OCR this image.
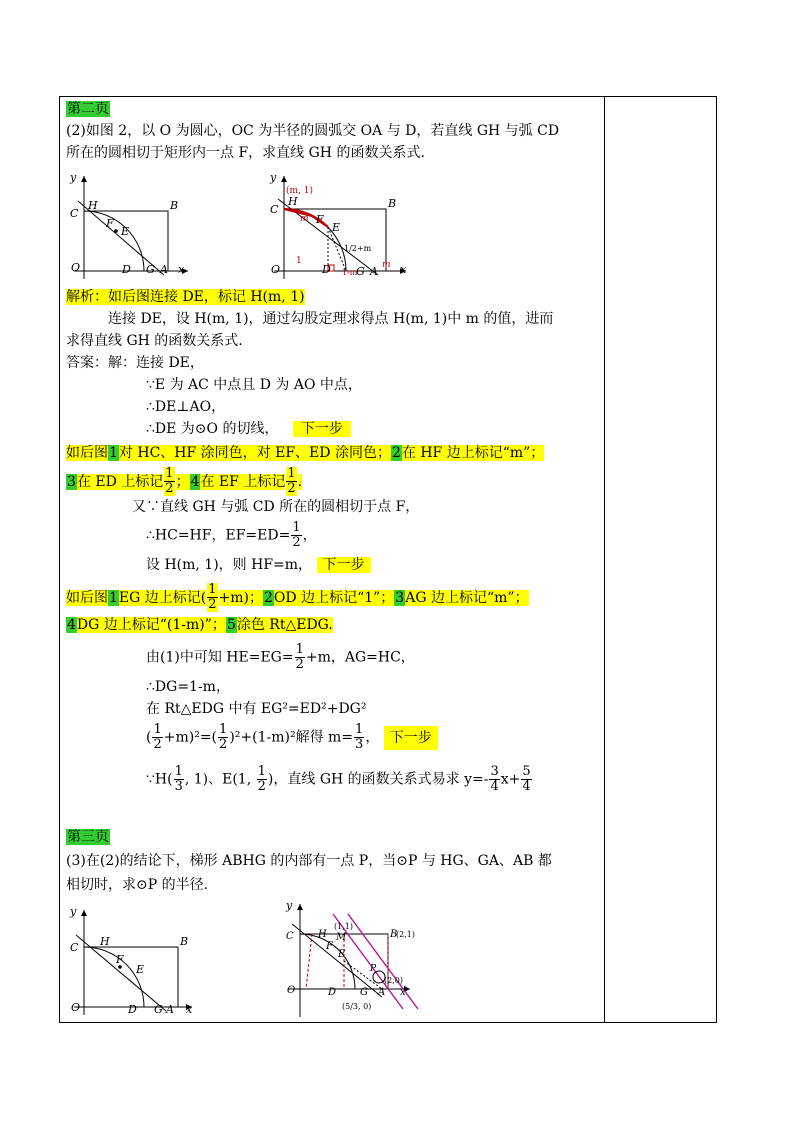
第二页
(2)如图 2，以 O 为圆心，OC 为半径的圆弧交 OA 与 D，若直线 GH 与弧 CD
所在的圆相切于矩形内一点 F，求直线 GH 的函数关系式.
y
C
H
F
E
B
O	D G A x
(m, 1)
y
C
H
m F
E
1/2+m
1
O	D 1-m
G A m
B
x
解析：如后图连接 DE，标记 H(m, 1)
连接 DE，设 H(m, 1)，通过勾股定理求得点 H(m, 1)中 m 的值，进而
求得直线 GH 的函数关系式.
答案：解：连接 DE，
∵E 为 AC 中点且 D 为 AO 中点，
∴DE⊥AO，
∴DE 为⊙O 的切线， 下一步
如后图1对 HC、HF 涂同色，对 EF、ED 涂同色；2在 HF 边上标记“m”；
3在 ED 上标记 $\frac{1}{2}$ ；4在 EF 上标记 $\frac{1}{2}$ .
又∵直线 GH 与弧 CD 所在的圆相切于点 F，
∴HC=HF，$EF=ED= \frac{1}{2}$ ，
设 H(m, 1)，则 HF=m， 下一步
如后图1EG 边上标记( $\frac{1}{2} +m$)；2OD 边上标记“1”；3AG 边上标记“m”；
4DG 边上标记“(1-m)”；5涂色 Rt△EDG.
由(1)中可知 $HE=EG= \frac{1}{2} +m$，AG=HC，
∴DG=1-m，
在 Rt△EDG 中有 EG²=ED²+DG²
( $\frac{1}{2} +m)^2=( \frac{1}{2} )^2+(1-m)^2$解得 $m= \frac{1}{3}$ ， 下一步
∵H( $\frac{1}{3}$ , 1)、E(1, $\frac{1}{2}$ )，直线 GH 的函数关系式易求 $y=- \frac{3}{4} x+ \frac{5}{4}$
第三页
(3)在(2)的结论下，梯形 ABHG 的内部有一点 P，当⊙P 与 HG、GA、AB 都
相切时，求⊙P 的半径.
y
C H
F
E
B
O	D G A x
y
(1,1)
M	B
(2,1)
C H
F
E
P
(2,0)
O	D G A x
(5/3, 0)
